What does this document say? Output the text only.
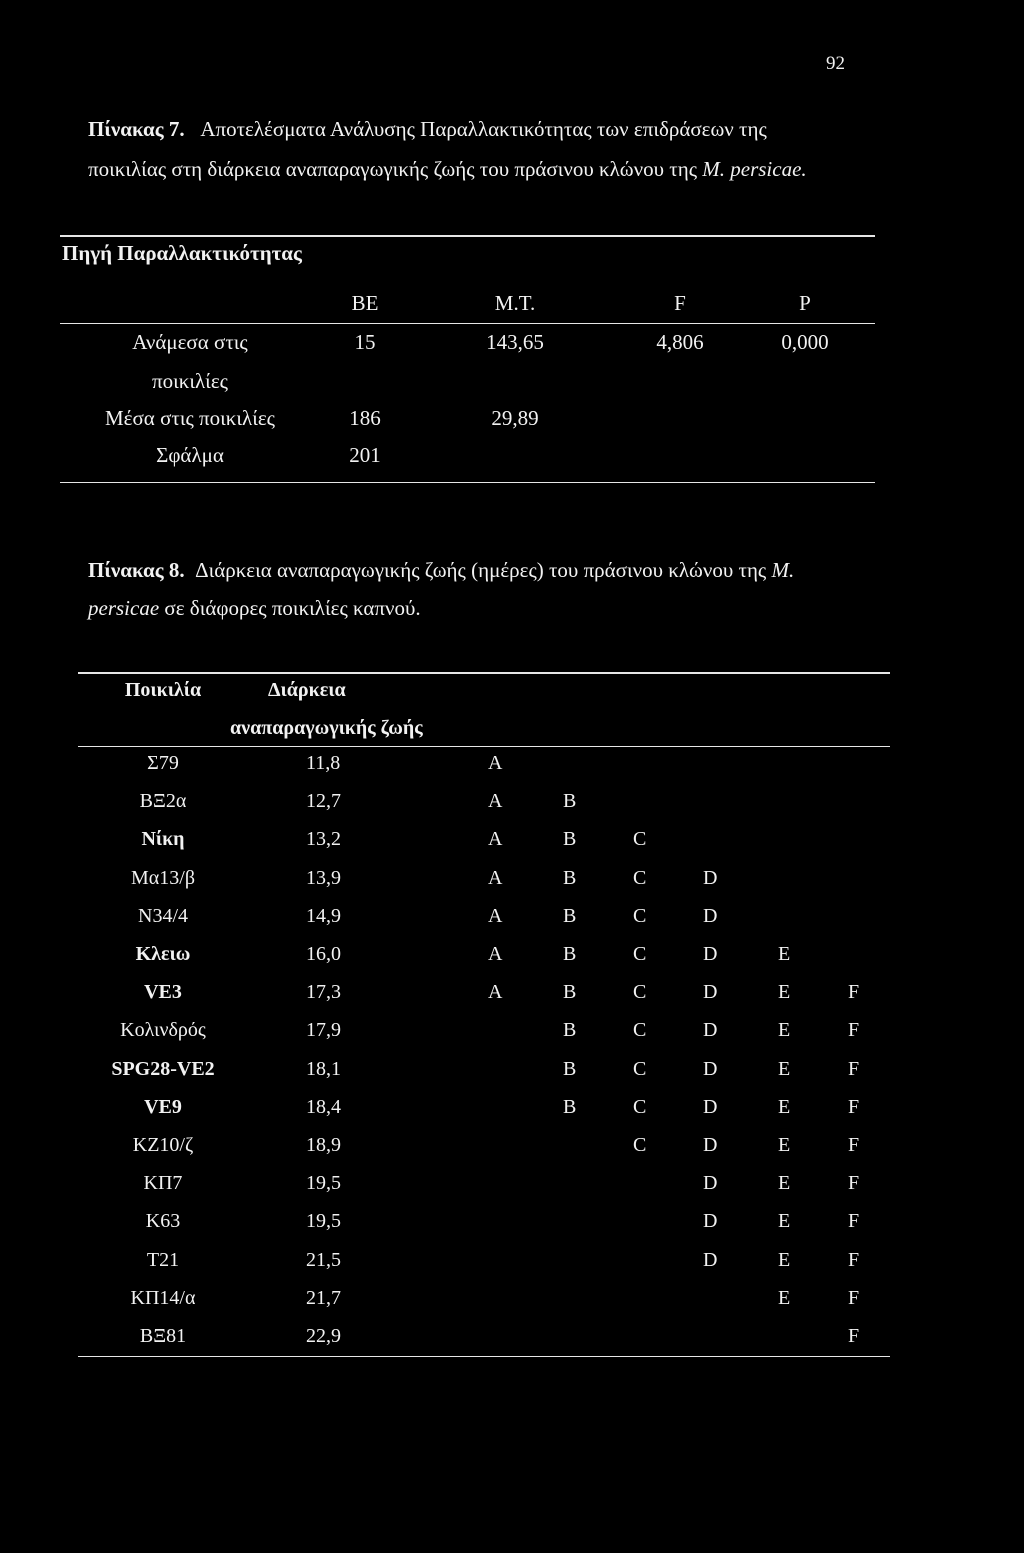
92
Πίνακας 7. Αποτελέσματα Ανάλυσης Παραλλακτικότητας των επιδράσεων της
ποικιλίας στη διάρκεια αναπαραγωγικής ζωής του πράσινου κλώνου της M. persicae.
Πηγή Παραλλακτικότητας
BE	M.T.	F	P
Ανάμεσα στις	15	143,65	4,806	0,000
ποικιλίες
Μέσα στις ποικιλίες	186	29,89
Σφάλμα	201
Πίνακας 8. Διάρκεια αναπαραγωγικής ζωής (ημέρες) του πράσινου κλώνου της M.
persicae σε διάφορες ποικιλίες καπνού.
Ποικιλία	Διάρκεια
αναπαραγωγικής ζωής
Σ79	11,8	A
ΒΞ2α	12,7	A	B
Νίκη	13,2	A	B	C
Μα13/β	13,9	A	B	C	D
N34/4	14,9	A	B	C	D
Κλειω	16,0	A	B	C	D	E
VE3	17,3	A	B	C	D	E	F
Κολινδρός	17,9	B	C	D	E	F
SPG28-VE2	18,1	B	C	D	E	F
VE9	18,4	B	C	D	E	F
ΚΖ10/ζ	18,9	C	D	E	F
ΚΠ7	19,5	D	E	F
Κ63	19,5	D	E	F
Τ21	21,5	D	E	F
ΚΠ14/α	21,7	E	F
ΒΞ81	22,9	F
